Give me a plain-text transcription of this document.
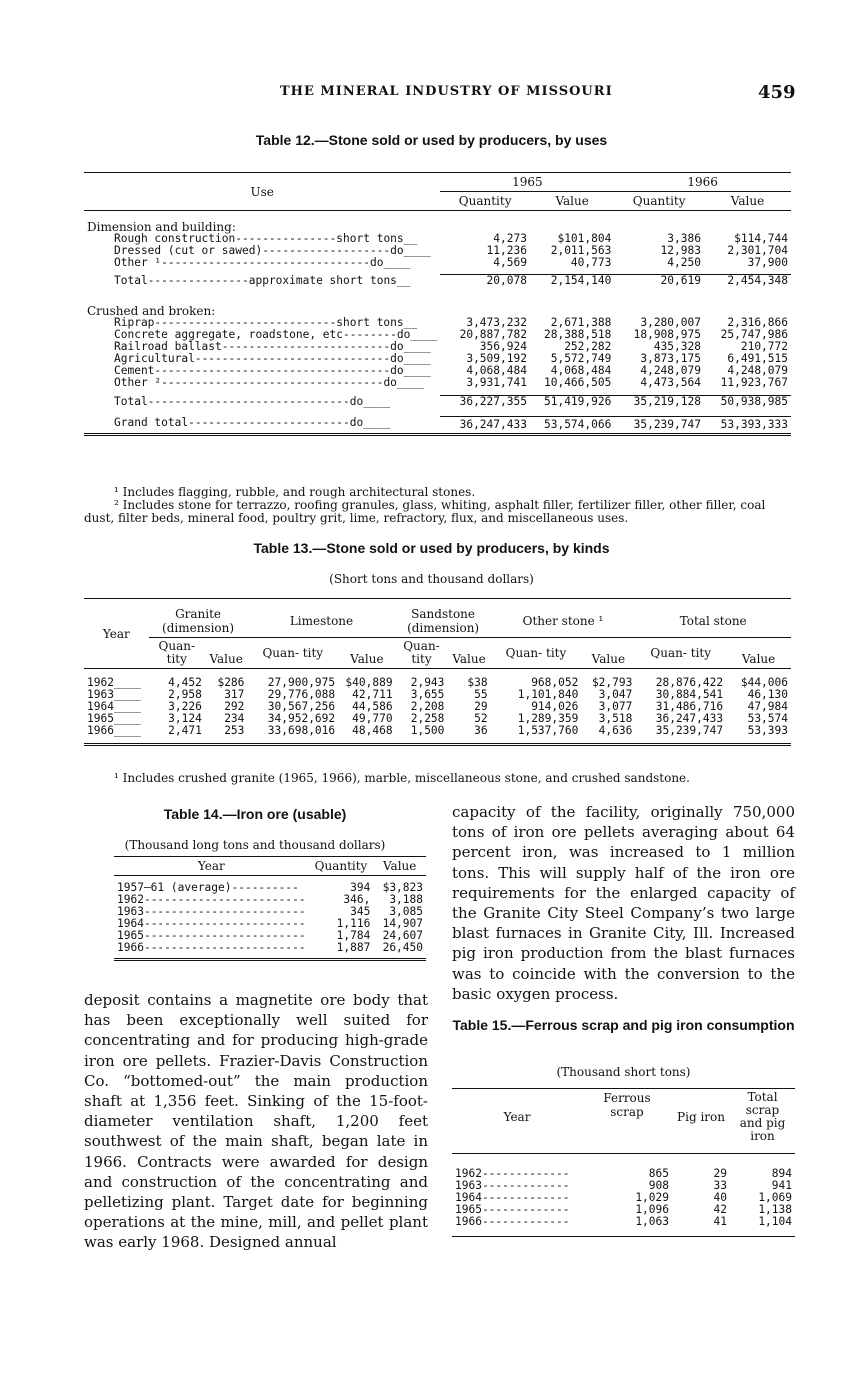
THE MINERAL INDUSTRY OF MISSOURI	459
Table 12.—Stone sold or used by producers, by uses
Use	1965		1966	
	Quantity	Value	Quantity	Value

Dimension and building:				
Rough construction---------------short tons__	4,273	$101,804	3,386	$114,744
Dressed (cut or sawed)-------------------do____	11,236	2,011,563	12,983	2,301,704
Other ¹-------------------------------do____	4,569	40,773	4,250	37,900

Total---------------approximate short tons__	20,078	2,154,140	20,619	2,454,348

Crushed and broken:				
Riprap---------------------------short tons__	3,473,232	2,671,388	3,280,007	2,316,866
Concrete aggregate, roadstone, etc--------do____	20,887,782	28,388,518	18,908,975	25,747,986
Railroad ballast-------------------------do____	356,924	252,282	435,328	210,772
Agricultural-----------------------------do____	3,509,192	5,572,749	3,873,175	6,491,515
Cement-----------------------------------do____	4,068,484	4,068,484	4,248,079	4,248,079
Other ²---------------------------------do____	3,931,741	10,466,505	4,473,564	11,923,767

Total------------------------------do____	36,227,355	51,419,926	35,219,128	50,938,985

Grand total------------------------do____	36,247,433	53,574,066	35,239,747	53,393,333
¹ Includes flagging, rubble, and rough architectural stones.
² Includes stone for terrazzo, roofing granules, glass, whiting, asphalt filler, fertilizer filler, other filler, coal dust, filter beds, mineral food, poultry grit, lime, refractory, flux, and miscellaneous uses.
Table 13.—Stone sold or used by producers, by kinds
(Short tons and thousand dollars)
Year	Granite (dimension)		Limestone		Sandstone (dimension)		Other stone ¹		Total stone	
	Quan- tity	Value	Quan- tity	Value	Quan- tity	Value	Quan- tity	Value	Quan- tity	Value

1962____	4,452	$286	27,900,975	$40,889	2,943	$38	968,052	$2,793	28,876,422	$44,006
1963____	2,958	317	29,776,088	42,711	3,655	55	1,101,840	3,047	30,884,541	46,130
1964____	3,226	292	30,567,256	44,586	2,208	29	914,026	3,077	31,486,716	47,984
1965____	3,124	234	34,952,692	49,770	2,258	52	1,289,359	3,518	36,247,433	53,574
1966____	2,471	253	33,698,016	48,468	1,500	36	1,537,760	4,636	35,239,747	53,393

¹ Includes crushed granite (1965, 1966), marble, miscellaneous stone, and crushed sandstone.
Table 14.—Iron ore (usable)
(Thousand long tons and thousand dollars)
Year	Quantity	Value

1957–61 (average)----------	394	$3,823
1962------------------------	346,	3,188
1963------------------------	345	3,085
1964------------------------	1,116	14,907
1965------------------------	1,784	24,607
1966------------------------	1,887	26,450

capacity of the facility, originally 750,000 tons of iron ore pellets averaging about 64 percent iron, was increased to 1 million tons. This will supply half of the iron ore requirements for the enlarged capacity of the Granite City Steel Company’s two large blast furnaces in Granite City, Ill. Increased pig iron production from the blast furnaces was to coincide with the conversion to the basic oxygen process.
deposit contains a magnetite ore body that has been exceptionally well suited for concentrating and for producing high-grade iron ore pellets. Frazier-Davis Construction Co. “bottomed-out” the main production shaft at 1,356 feet. Sinking of the 15-foot-diameter ventilation shaft, 1,200 feet southwest of the main shaft, began late in 1966. Contracts were awarded for design and construction of the concentrating and pelletizing plant. Target date for beginning operations at the mine, mill, and pellet plant was early 1968. Designed annual
Table 15.—Ferrous scrap and pig iron consumption
(Thousand short tons)
Year	Ferrous scrap	Pig iron	Total scrap and pig iron

1962-------------	865	29	894
1963-------------	908	33	941
1964-------------	1,029	40	1,069
1965-------------	1,096	42	1,138
1966-------------	1,063	41	1,104
